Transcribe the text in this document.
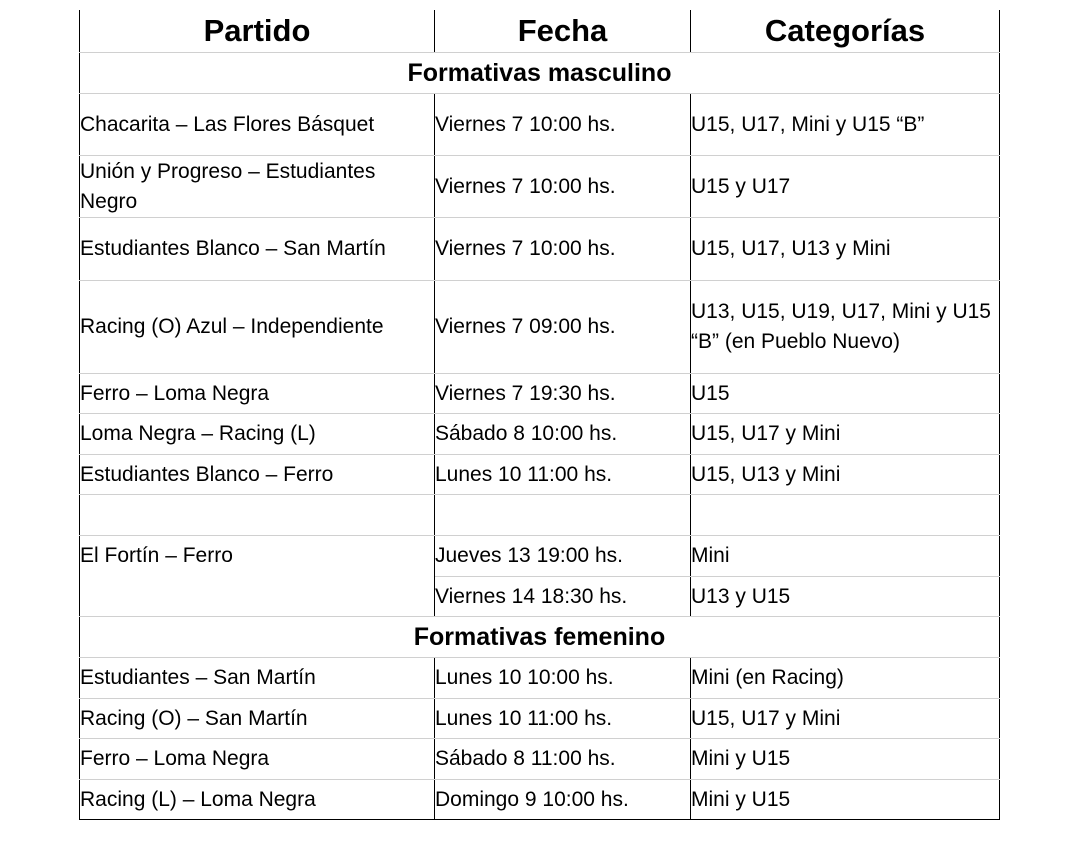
Partido	Fecha	Categorías
Formativas masculino		
Chacarita – Las Flores Básquet	Viernes 7 10:00 hs.	U15, U17, Mini y U15 “B”
Unión y Progreso – Estudiantes Negro	Viernes 7 10:00 hs.	U15 y U17
Estudiantes Blanco – San Martín	Viernes 7 10:00 hs.	U15, U17, U13 y Mini
Racing (O) Azul – Independiente	Viernes 7 09:00 hs.	U13, U15, U19, U17, Mini y U15 “B” (en Pueblo Nuevo)
Ferro – Loma Negra	Viernes 7 19:30 hs.	U15
Loma Negra – Racing (L)	Sábado 8 10:00 hs.	U15, U17 y Mini
Estudiantes Blanco – Ferro	Lunes 10 11:00 hs.	U15, U13 y Mini

El Fortín – Ferro	Jueves 13 19:00 hs.	Mini
	Viernes 14 18:30 hs.	U13 y U15
Formativas femenino		
Estudiantes – San Martín	Lunes 10 10:00 hs.	Mini (en Racing)
Racing (O) – San Martín	Lunes 10 11:00 hs.	U15, U17 y Mini
Ferro – Loma Negra	Sábado 8 11:00 hs.	Mini y U15
Racing (L) – Loma Negra	Domingo 9 10:00 hs.	Mini y U15
